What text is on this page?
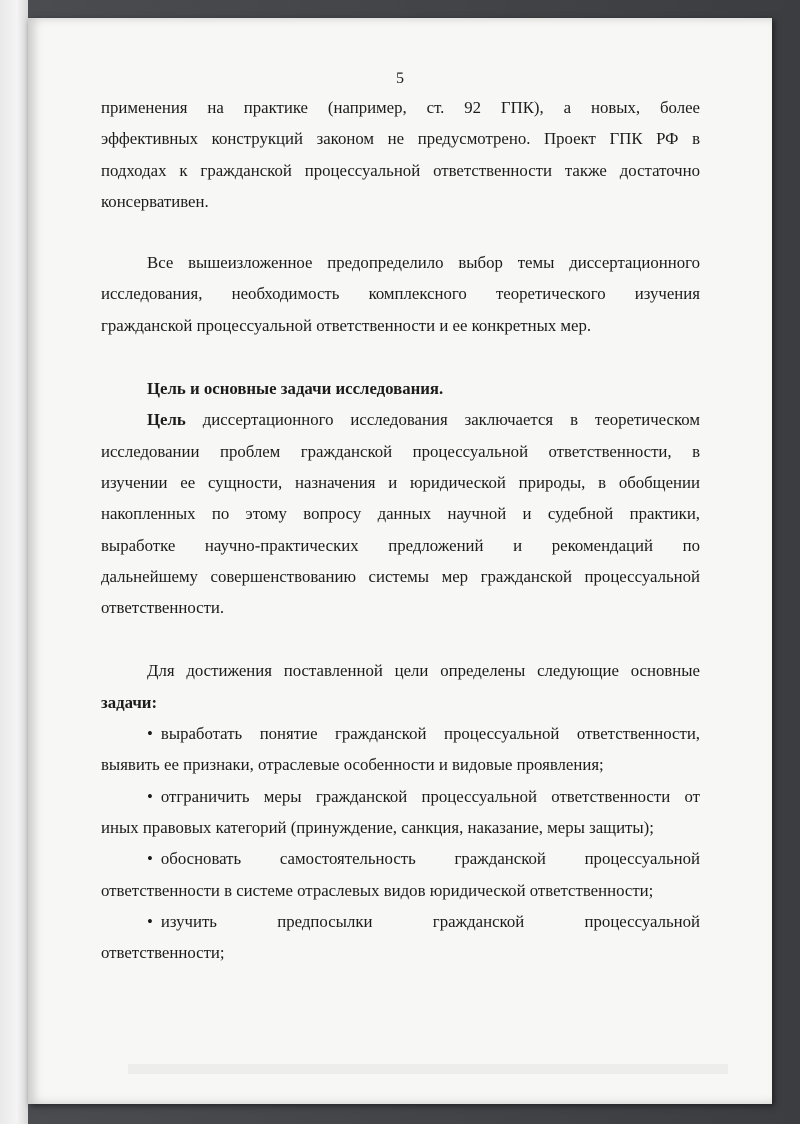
5
применения на практике (например, ст. 92 ГПК), а новых, более
эффективных конструкций законом не предусмотрено. Проект ГПК РФ в
подходах к гражданской процессуальной ответственности также достаточно
консервативен.
Все вышеизложенное предопределило выбор темы диссертационного
исследования, необходимость комплексного теоретического изучения
гражданской процессуальной ответственности и ее конкретных мер.
Цель и основные задачи исследования.
Цель диссертационного исследования заключается в теоретическом
исследовании проблем гражданской процессуальной ответственности, в
изучении ее сущности, назначения и юридической природы, в обобщении
накопленных по этому вопросу данных научной и судебной практики,
выработке научно-практических предложений и рекомендаций по
дальнейшему совершенствованию системы мер гражданской процессуальной
ответственности.
Для достижения поставленной цели определены следующие основные
задачи:
• выработать понятие гражданской процессуальной ответственности,
выявить ее признаки, отраслевые особенности и видовые проявления;
• отграничить меры гражданской процессуальной ответственности от
иных правовых категорий (принуждение, санкция, наказание, меры защиты);
• обосновать самостоятельность гражданской процессуальной
ответственности в системе отраслевых видов юридической ответственности;
• изучить предпосылки гражданской процессуальной
ответственности;
